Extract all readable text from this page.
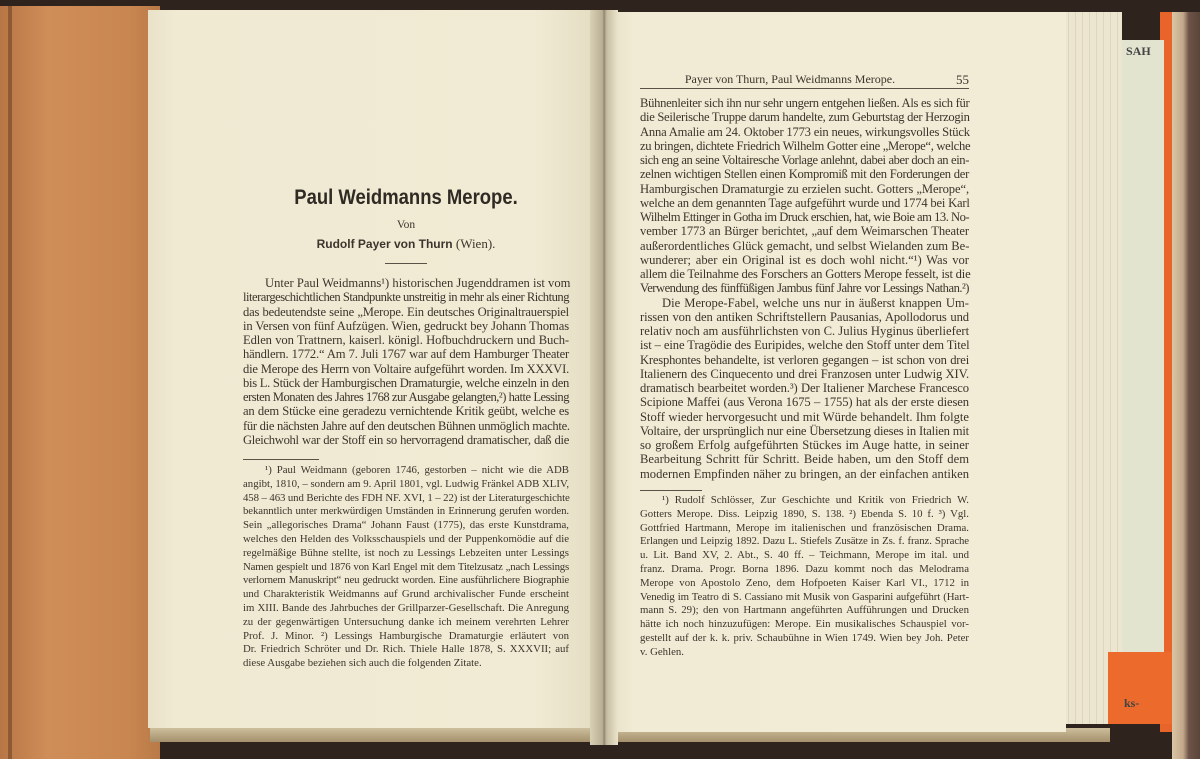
SAH
ks-
Paul Weidmanns Merope.
Von
Rudolf Payer von Thurn (Wien).
Unter Paul Weidmanns¹) historischen Jugenddramen ist vom
literargeschichtlichen Standpunkte unstreitig in mehr als einer Richtung
das bedeutendste seine „Merope. Ein deutsches Originaltrauerspiel
in Versen von fünf Aufzügen. Wien, gedruckt bey Johann Thomas
Edlen von Trattnern, kaiserl. königl. Hofbuchdruckern und Buch-
händlern. 1772.“ Am 7. Juli 1767 war auf dem Hamburger Theater
die Merope des Herrn von Voltaire aufgeführt worden. Im XXXVI.
bis L. Stück der Hamburgischen Dramaturgie, welche einzeln in den
ersten Monaten des Jahres 1768 zur Ausgabe gelangten,²) hatte Lessing
an dem Stücke eine geradezu vernichtende Kritik geübt, welche es
für die nächsten Jahre auf den deutschen Bühnen unmöglich machte.
Gleichwohl war der Stoff ein so hervorragend dramatischer, daß die
¹) Paul Weidmann (geboren 1746, gestorben – nicht wie die ADB
angibt, 1810, – sondern am 9. April 1801, vgl. Ludwig Fränkel ADB XLIV,
458 – 463 und Berichte des FDH NF. XVI, 1 – 22) ist der Literaturgeschichte
bekanntlich unter merkwürdigen Umständen in Erinnerung gerufen worden.
Sein „allegorisches Drama“ Johann Faust (1775), das erste Kunstdrama,
welches den Helden des Volksschauspiels und der Puppenkomödie auf die
regelmäßige Bühne stellte, ist noch zu Lessings Lebzeiten unter Lessings
Namen gespielt und 1876 von Karl Engel mit dem Titelzusatz „nach Lessings
verlornem Manuskript“ neu gedruckt worden. Eine ausführlichere Biographie
und Charakteristik Weidmanns auf Grund archivalischer Funde erscheint
im XIII. Bande des Jahrbuches der Grillparzer-Gesellschaft. Die Anregung
zu der gegenwärtigen Untersuchung danke ich meinem verehrten Lehrer
Prof. J. Minor. ²) Lessings Hamburgische Dramaturgie erläutert von
Dr. Friedrich Schröter und Dr. Rich. Thiele Halle 1878, S. XXXVII; auf
diese Ausgabe beziehen sich auch die folgenden Zitate.
Payer von Thurn, Paul Weidmanns Merope.	55
Bühnenleiter sich ihn nur sehr ungern entgehen ließen. Als es sich für
die Seilerische Truppe darum handelte, zum Geburtstag der Herzogin
Anna Amalie am 24. Oktober 1773 ein neues, wirkungsvolles Stück
zu bringen, dichtete Friedrich Wilhelm Gotter eine „Merope“, welche
sich eng an seine Voltairesche Vorlage anlehnt, dabei aber doch an ein-
zelnen wichtigen Stellen einen Kompromiß mit den Forderungen der
Hamburgischen Dramaturgie zu erzielen sucht. Gotters „Merope“,
welche an dem genannten Tage aufgeführt wurde und 1774 bei Karl
Wilhelm Ettinger in Gotha im Druck erschien, hat, wie Boie am 13. No-
vember 1773 an Bürger berichtet, „auf dem Weimarschen Theater
außerordentliches Glück gemacht, und selbst Wielanden zum Be-
wunderer; aber ein Original ist es doch wohl nicht.“¹) Was vor
allem die Teilnahme des Forschers an Gotters Merope fesselt, ist die
Verwendung des fünffüßigen Jambus fünf Jahre vor Lessings Nathan.²)
Die Merope-Fabel, welche uns nur in äußerst knappen Um-
rissen von den antiken Schriftstellern Pausanias, Apollodorus und
relativ noch am ausführlichsten von C. Julius Hyginus überliefert
ist – eine Tragödie des Euripides, welche den Stoff unter dem Titel
Kresphontes behandelte, ist verloren gegangen – ist schon von drei
Italienern des Cinquecento und drei Franzosen unter Ludwig XIV.
dramatisch bearbeitet worden.³) Der Italiener Marchese Francesco
Scipione Maffei (aus Verona 1675 – 1755) hat als der erste diesen
Stoff wieder hervorgesucht und mit Würde behandelt. Ihm folgte
Voltaire, der ursprünglich nur eine Übersetzung dieses in Italien mit
so großem Erfolg aufgeführten Stückes im Auge hatte, in seiner
Bearbeitung Schritt für Schritt. Beide haben, um den Stoff dem
modernen Empfinden näher zu bringen, an der einfachen antiken
¹) Rudolf Schlösser, Zur Geschichte und Kritik von Friedrich W.
Gotters Merope. Diss. Leipzig 1890, S. 138. ²) Ebenda S. 10 f. ³) Vgl.
Gottfried Hartmann, Merope im italienischen und französischen Drama.
Erlangen und Leipzig 1892. Dazu L. Stiefels Zusätze in Zs. f. franz. Sprache
u. Lit. Band XV, 2. Abt., S. 40 ff. – Teichmann, Merope im ital. und
franz. Drama. Progr. Borna 1896. Dazu kommt noch das Melodrama
Merope von Apostolo Zeno, dem Hofpoeten Kaiser Karl VI., 1712 in
Venedig im Teatro di S. Cassiano mit Musik von Gasparini aufgeführt (Hart-
mann S. 29); den von Hartmann angeführten Aufführungen und Drucken
hätte ich noch hinzuzufügen: Merope. Ein musikalisches Schauspiel vor-
gestellt auf der k. k. priv. Schaubühne in Wien 1749. Wien bey Joh. Peter
v. Gehlen.
